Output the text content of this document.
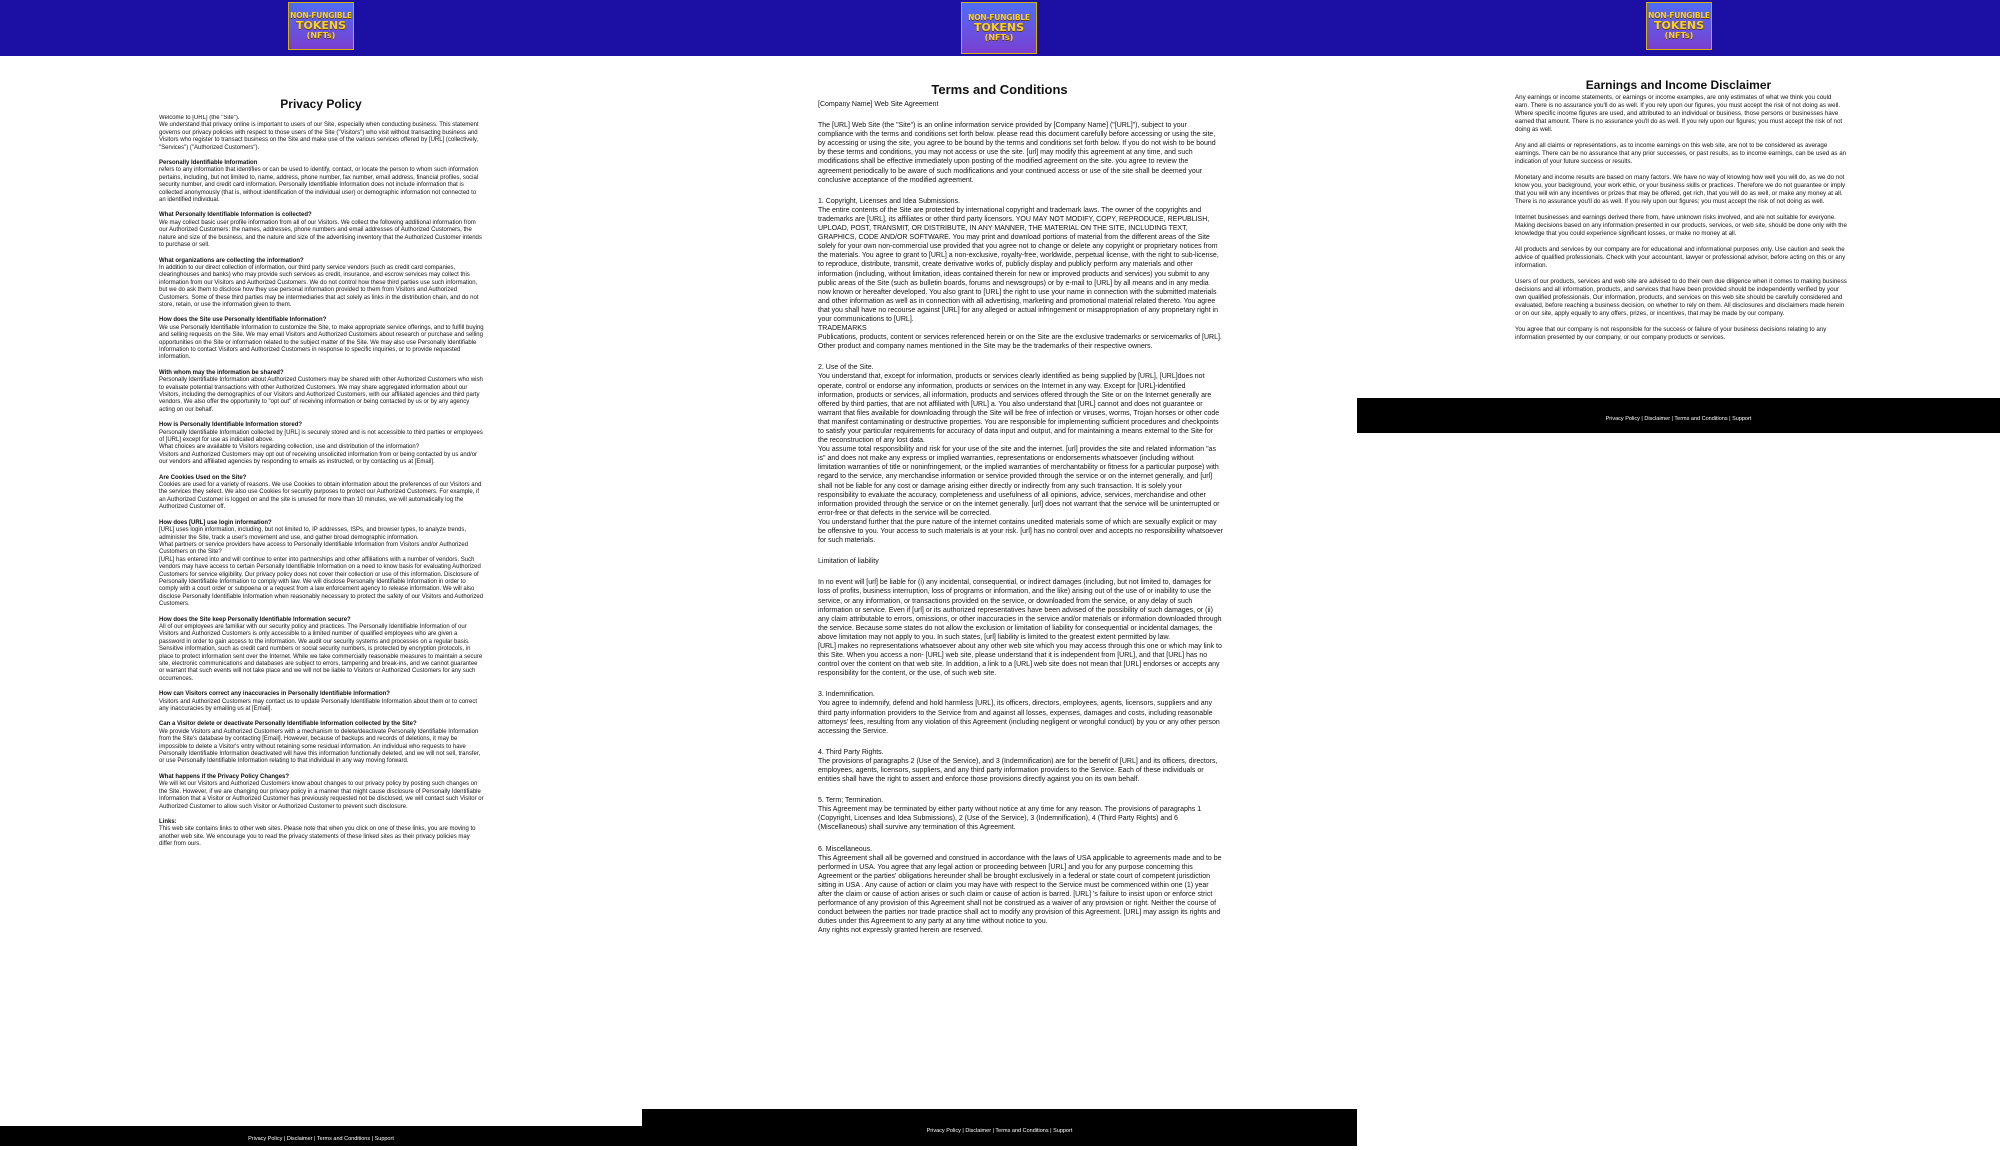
NON-FUNGIBLE
TOKENS
(NFTs)
Privacy Policy

Welcome to [URL] (the "Site").
We understand that privacy online is important to users of our Site, especially when conducting business. This statement governs our privacy policies with respect to those users of the Site ("Visitors") who visit without transacting business and Visitors who register to transact business on the Site and make use of the various services offered by [URL] (collectively, "Services") ("Authorized Customers").

Personally Identifiable Information

refers to any information that identifies or can be used to identify, contact, or locate the person to whom such information pertains, including, but not limited to, name, address, phone number, fax number, email address, financial profiles, social security number, and credit card information. Personally Identifiable Information does not include information that is collected anonymously (that is, without identification of the individual user) or demographic information not connected to an identified individual.

What Personally Identifiable Information is collected?

We may collect basic user profile information from all of our Visitors. We collect the following additional information from our Authorized Customers: the names, addresses, phone numbers and email addresses of Authorized Customers, the nature and size of the business, and the nature and size of the advertising inventory that the Authorized Customer intends to purchase or sell.

What organizations are collecting the information?

In addition to our direct collection of information, our third party service vendors (such as credit card companies, clearinghouses and banks) who may provide such services as credit, insurance, and escrow services may collect this information from our Visitors and Authorized Customers. We do not control how these third parties use such information, but we do ask them to disclose how they use personal information provided to them from Visitors and Authorized Customers. Some of these third parties may be intermediaries that act solely as links in the distribution chain, and do not store, retain, or use the information given to them.

How does the Site use Personally Identifiable Information?

We use Personally Identifiable Information to customize the Site, to make appropriate service offerings, and to fulfill buying and selling requests on the Site. We may email Visitors and Authorized Customers about research or purchase and selling opportunities on the Site or information related to the subject matter of the Site. We may also use Personally Identifiable Information to contact Visitors and Authorized Customers in response to specific inquiries, or to provide requested information.

With whom may the information be shared?

Personally Identifiable Information about Authorized Customers may be shared with other Authorized Customers who wish to evaluate potential transactions with other Authorized Customers. We may share aggregated information about our Visitors, including the demographics of our Visitors and Authorized Customers, with our affiliated agencies and third party vendors. We also offer the opportunity to "opt out" of receiving information or being contacted by us or by any agency acting on our behalf.

How is Personally Identifiable Information stored?

Personally Identifiable Information collected by [URL] is securely stored and is not accessible to third parties or employees of [URL] except for use as indicated above.
What choices are available to Visitors regarding collection, use and distribution of the information?
Visitors and Authorized Customers may opt out of receiving unsolicited information from or being contacted by us and/or our vendors and affiliated agencies by responding to emails as instructed, or by contacting us at [Email].

Are Cookies Used on the Site?

Cookies are used for a variety of reasons. We use Cookies to obtain information about the preferences of our Visitors and the services they select. We also use Cookies for security purposes to protect our Authorized Customers. For example, if an Authorized Customer is logged on and the site is unused for more than 10 minutes, we will automatically log the Authorized Customer off.

How does [URL] use login information?

[URL] uses login information, including, but not limited to, IP addresses, ISPs, and browser types, to analyze trends, administer the Site, track a user's movement and use, and gather broad demographic information.
What partners or service providers have access to Personally Identifiable Information from Visitors and/or Authorized Customers on the Site?
[URL] has entered into and will continue to enter into partnerships and other affiliations with a number of vendors. Such vendors may have access to certain Personally Identifiable Information on a need to know basis for evaluating Authorized Customers for service eligibility. Our privacy policy does not cover their collection or use of this information. Disclosure of Personally Identifiable Information to comply with law. We will disclose Personally Identifiable Information in order to comply with a court order or subpoena or a request from a law enforcement agency to release information. We will also disclose Personally Identifiable Information when reasonably necessary to protect the safety of our Visitors and Authorized Customers.

How does the Site keep Personally Identifiable Information secure?

All of our employees are familiar with our security policy and practices. The Personally Identifiable Information of our Visitors and Authorized Customers is only accessible to a limited number of qualified employees who are given a password in order to gain access to the information. We audit our security systems and processes on a regular basis. Sensitive information, such as credit card numbers or social security numbers, is protected by encryption protocols, in place to protect information sent over the Internet. While we take commercially reasonable measures to maintain a secure site, electronic communications and databases are subject to errors, tampering and break-ins, and we cannot guarantee or warrant that such events will not take place and we will not be liable to Visitors or Authorized Customers for any such occurrences.

How can Visitors correct any inaccuracies in Personally Identifiable Information?

Visitors and Authorized Customers may contact us to update Personally Identifiable Information about them or to correct any inaccuracies by emailing us at [Email].

Can a Visitor delete or deactivate Personally Identifiable Information collected by the Site?

We provide Visitors and Authorized Customers with a mechanism to delete/deactivate Personally Identifiable Information from the Site's database by contacting [Email]. However, because of backups and records of deletions, it may be impossible to delete a Visitor's entry without retaining some residual information. An individual who requests to have Personally Identifiable Information deactivated will have this information functionally deleted, and we will not sell, transfer, or use Personally Identifiable Information relating to that individual in any way moving forward.

What happens if the Privacy Policy Changes?

We will let our Visitors and Authorized Customers know about changes to our privacy policy by posting such changes on the Site. However, if we are changing our privacy policy in a manner that might cause disclosure of Personally Identifiable Information that a Visitor or Authorized Customer has previously requested not be disclosed, we will contact such Visitor or Authorized Customer to allow such Visitor or Authorized Customer to prevent such disclosure.

Links:

This web site contains links to other web sites. Please note that when you click on one of these links, you are moving to another web site. We encourage you to read the privacy statements of these linked sites as their privacy policies may differ from ours.

Privacy Policy | Disclaimer | Terms and Conditions | Support
NON-FUNGIBLE
TOKENS
(NFTs)
Terms and Conditions

[Company Name] Web Site Agreement

The [URL] Web Site (the "Site") is an online information service provided by [Company Name] ("[URL]"), subject to your compliance with the terms and conditions set forth below. please read this document carefully before accessing or using the site, by accessing or using the site, you agree to be bound by the terms and conditions set forth below. If you do not wish to be bound by these terms and conditions, you may not access or use the site. [url] may modify this agreement at any time, and such modifications shall be effective immediately upon posting of the modified agreement on the site. you agree to review the agreement periodically to be aware of such modifications and your continued access or use of the site shall be deemed your conclusive acceptance of the modified agreement.

1. Copyright, Licenses and Idea Submissions.
The entire contents of the Site are protected by international copyright and trademark laws. The owner of the copyrights and trademarks are [URL], its affiliates or other third party licensors. YOU MAY NOT MODIFY, COPY, REPRODUCE, REPUBLISH, UPLOAD, POST, TRANSMIT, OR DISTRIBUTE, IN ANY MANNER, THE MATERIAL ON THE SITE, INCLUDING TEXT, GRAPHICS, CODE AND/OR SOFTWARE. You may print and download portions of material from the different areas of the Site solely for your own non-commercial use provided that you agree not to change or delete any copyright or proprietary notices from the materials. You agree to grant to [URL] a non-exclusive, royalty-free, worldwide, perpetual license, with the right to sub-license, to reproduce, distribute, transmit, create derivative works of, publicly display and publicly perform any materials and other information (including, without limitation, ideas contained therein for new or improved products and services) you submit to any public areas of the Site (such as bulletin boards, forums and newsgroups) or by e-mail to [URL] by all means and in any media now known or hereafter developed. You also grant to [URL] the right to use your name in connection with the submitted materials and other information as well as in connection with all advertising, marketing and promotional material related thereto. You agree that you shall have no recourse against [URL] for any alleged or actual infringement or misappropriation of any proprietary right in your communications to [URL].
TRADEMARKS
Publications, products, content or services referenced herein or on the Site are the exclusive trademarks or servicemarks of [URL]. Other product and company names mentioned in the Site may be the trademarks of their respective owners.

2. Use of the Site.
You understand that, except for information, products or services clearly identified as being supplied by [URL], [URL]does not operate, control or endorse any information, products or services on the Internet in any way. Except for [URL]-identified information, products or services, all information, products and services offered through the Site or on the Internet generally are offered by third parties, that are not affiliated with [URL] a. You also understand that [URL] cannot and does not guarantee or warrant that files available for downloading through the Site will be free of infection or viruses, worms, Trojan horses or other code that manifest contaminating or destructive properties. You are responsible for implementing sufficient procedures and checkpoints to satisfy your particular requirements for accuracy of data input and output, and for maintaining a means external to the Site for the reconstruction of any lost data.
You assume total responsibility and risk for your use of the site and the internet. [url] provides the site and related information "as is" and does not make any express or implied warranties, representations or endorsements whatsoever (including without limitation warranties of title or noninfringement, or the implied warranties of merchantability or fitness for a particular purpose) with regard to the service, any merchandise information or service provided through the service or on the internet generally, and [url] shall not be liable for any cost or damage arising either directly or indirectly from any such transaction. It is solely your responsibility to evaluate the accuracy, completeness and usefulness of all opinions, advice, services, merchandise and other information provided through the service or on the internet generally. [url] does not warrant that the service will be uninterrupted or error-free or that defects in the service will be corrected.
You understand further that the pure nature of the internet contains unedited materials some of which are sexually explicit or may be offensive to you. Your access to such materials is at your risk. [url] has no control over and accepts no responsibility whatsoever for such materials.

Limitation of liability

In no event will [url] be liable for (i) any incidental, consequential, or indirect damages (including, but not limited to, damages for loss of profits, business interruption, loss of programs or information, and the like) arising out of the use of or inability to use the service, or any information, or transactions provided on the service, or downloaded from the service, or any delay of such information or service. Even if [url] or its authorized representatives have been advised of the possibility of such damages, or (ii) any claim attributable to errors, omissions, or other inaccuracies in the service and/or materials or information downloaded through the service. Because some states do not allow the exclusion or limitation of liability for consequential or incidental damages, the above limitation may not apply to you. In such states, [url] liability is limited to the greatest extent permitted by law.
[URL] makes no representations whatsoever about any other web site which you may access through this one or which may link to this Site. When you access a non- [URL] web site, please understand that it is independent from [URL], and that [URL] has no control over the content on that web site. In addition, a link to a [URL] web site does not mean that [URL] endorses or accepts any responsibility for the content, or the use, of such web site.

3. Indemnification.
You agree to indemnify, defend and hold harmless [URL], its officers, directors, employees, agents, licensors, suppliers and any third party information providers to the Service from and against all losses, expenses, damages and costs, including reasonable attorneys' fees, resulting from any violation of this Agreement (including negligent or wrongful conduct) by you or any other person accessing the Service.

4. Third Party Rights.
The provisions of paragraphs 2 (Use of the Service), and 3 (Indemnification) are for the benefit of [URL] and its officers, directors, employees, agents, licensors, suppliers, and any third party information providers to the Service. Each of these individuals or entities shall have the right to assert and enforce those provisions directly against you on its own behalf.

5. Term; Termination.
This Agreement may be terminated by either party without notice at any time for any reason. The provisions of paragraphs 1 (Copyright, Licenses and Idea Submissions), 2 (Use of the Service), 3 (Indemnification), 4 (Third Party Rights) and 6 (Miscellaneous) shall survive any termination of this Agreement.

6. Miscellaneous.
This Agreement shall all be governed and construed in accordance with the laws of USA applicable to agreements made and to be performed in USA. You agree that any legal action or proceeding between [URL] and you for any purpose concerning this Agreement or the parties' obligations hereunder shall be brought exclusively in a federal or state court of competent jurisdiction sitting in USA . Any cause of action or claim you may have with respect to the Service must be commenced within one (1) year after the claim or cause of action arises or such claim or cause of action is barred. [URL] 's failure to insist upon or enforce strict performance of any provision of this Agreement shall not be construed as a waiver of any provision or right. Neither the course of conduct between the parties nor trade practice shall act to modify any provision of this Agreement. [URL] may assign its rights and duties under this Agreement to any party at any time without notice to you.
Any rights not expressly granted herein are reserved.

Privacy Policy | Disclaimer | Terms and Conditions | Support
NON-FUNGIBLE
TOKENS
(NFTs)
Earnings and Income Disclaimer

Any earnings or income statements, or earnings or income examples, are only estimates of what we think you could earn. There is no assurance you'll do as well. If you rely upon our figures, you must accept the risk of not doing as well. Where specific income figures are used, and attributed to an individual or business, those persons or businesses have earned that amount. There is no assurance you'll do as well. If you rely upon our figures; you must accept the risk of not doing as well.

Any and all claims or representations, as to income earnings on this web site, are not to be considered as average earnings. There can be no assurance that any prior successes, or past results, as to income earnings, can be used as an indication of your future success or results.

Monetary and income results are based on many factors. We have no way of knowing how well you will do, as we do not know you, your background, your work ethic, or your business skills or practices. Therefore we do not guarantee or imply that you will win any incentives or prizes that may be offered, get rich, that you will do as well, or make any money at all. There is no assurance you'll do as well. If you rely upon our figures; you must accept the risk of not doing as well.

Internet businesses and earnings derived there from, have unknown risks involved, and are not suitable for everyone. Making decisions based on any information presented in our products, services, or web site, should be done only with the knowledge that you could experience significant losses, or make no money at all.

All products and services by our company are for educational and informational purposes only. Use caution and seek the advice of qualified professionals. Check with your accountant, lawyer or professional advisor, before acting on this or any information.

Users of our products, services and web site are advised to do their own due diligence when it comes to making business decisions and all information, products, and services that have been provided should be independently verified by your own qualified professionals. Our information, products, and services on this web site should be carefully considered and evaluated, before reaching a business decision, on whether to rely on them. All disclosures and disclaimers made herein or on our site, apply equally to any offers, prizes, or incentives, that may be made by our company.

You agree that our company is not responsible for the success or failure of your business decisions relating to any information presented by our company, or our company products or services.

Privacy Policy | Disclaimer | Terms and Conditions | Support
